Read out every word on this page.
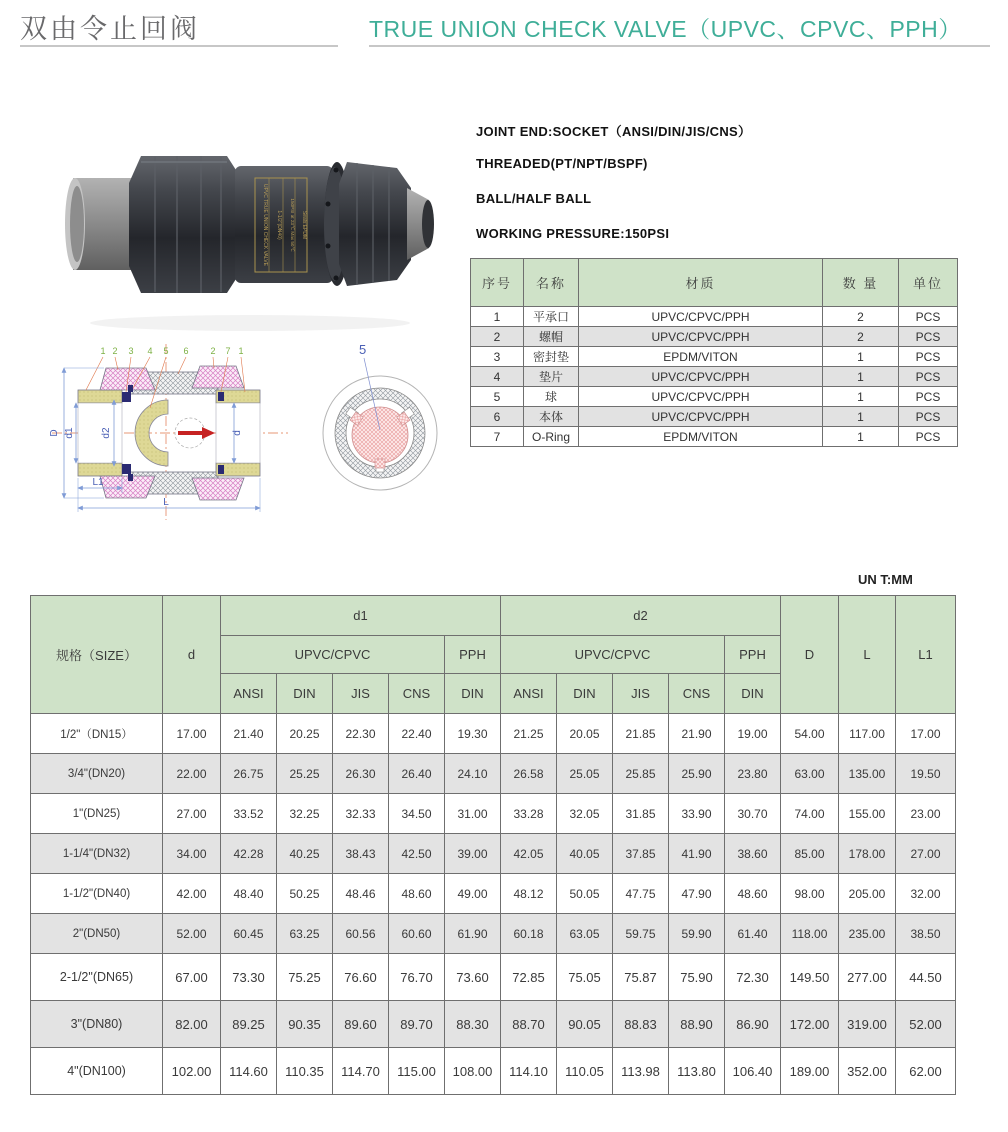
双由令止回阀	TRUE UNION CHECK VALVE（UPVC、CPVC、PPH）
UPVC TRUE UNION CHECK VALVE 1-1/2"(DN40) 150PSI at 23℃ Max 50℃ Seals:EPDM
JOINT END:SOCKET（ANSI/DIN/JIS/CNS）
THREADED(PT/NPT/BSPF)
BALL/HALF BALL
WORKING PRESSURE:150PSI
序号	名称	材质	数 量	单位
1	平承口	UPVC/CPVC/PPH	2	PCS
2	螺帽	UPVC/CPVC/PPH	2	PCS
3	密封垫	EPDM/VITON	1	PCS
4	垫片	UPVC/CPVC/PPH	1	PCS
5	球	UPVC/CPVC/PPH	1	PCS
6	本体	UPVC/CPVC/PPH	1	PCS
7	O-Ring	EPDM/VITON	1	PCS
1 2 3 4 5 6 2 7 1
D d1	d2	d
L1
L
5
UN T:MM
规格（SIZE）	d	d1					d2					D	L	L1
		UPVC/CPVC				PPH	UPVC/CPVC				PPH			
		ANSI	DIN	JIS	CNS	DIN	ANSI	DIN	JIS	CNS	DIN			
1/2"（DN15）	17.00	21.40	20.25	22.30	22.40	19.30	21.25	20.05	21.85	21.90	19.00	54.00	117.00	17.00
3/4"(DN20)	22.00	26.75	25.25	26.30	26.40	24.10	26.58	25.05	25.85	25.90	23.80	63.00	135.00	19.50
1"(DN25)	27.00	33.52	32.25	32.33	34.50	31.00	33.28	32.05	31.85	33.90	30.70	74.00	155.00	23.00
1-1/4"(DN32)	34.00	42.28	40.25	38.43	42.50	39.00	42.05	40.05	37.85	41.90	38.60	85.00	178.00	27.00
1-1/2"(DN40)	42.00	48.40	50.25	48.46	48.60	49.00	48.12	50.05	47.75	47.90	48.60	98.00	205.00	32.00
2"(DN50)	52.00	60.45	63.25	60.56	60.60	61.90	60.18	63.05	59.75	59.90	61.40	118.00	235.00	38.50
2-1/2"(DN65)	67.00	73.30	75.25	76.60	76.70	73.60	72.85	75.05	75.87	75.90	72.30	149.50	277.00	44.50
3"(DN80)	82.00	89.25	90.35	89.60	89.70	88.30	88.70	90.05	88.83	88.90	86.90	172.00	319.00	52.00
4"(DN100)	102.00	114.60	110.35	114.70	115.00	108.00	114.10	110.05	113.98	113.80	106.40	189.00	352.00	62.00
